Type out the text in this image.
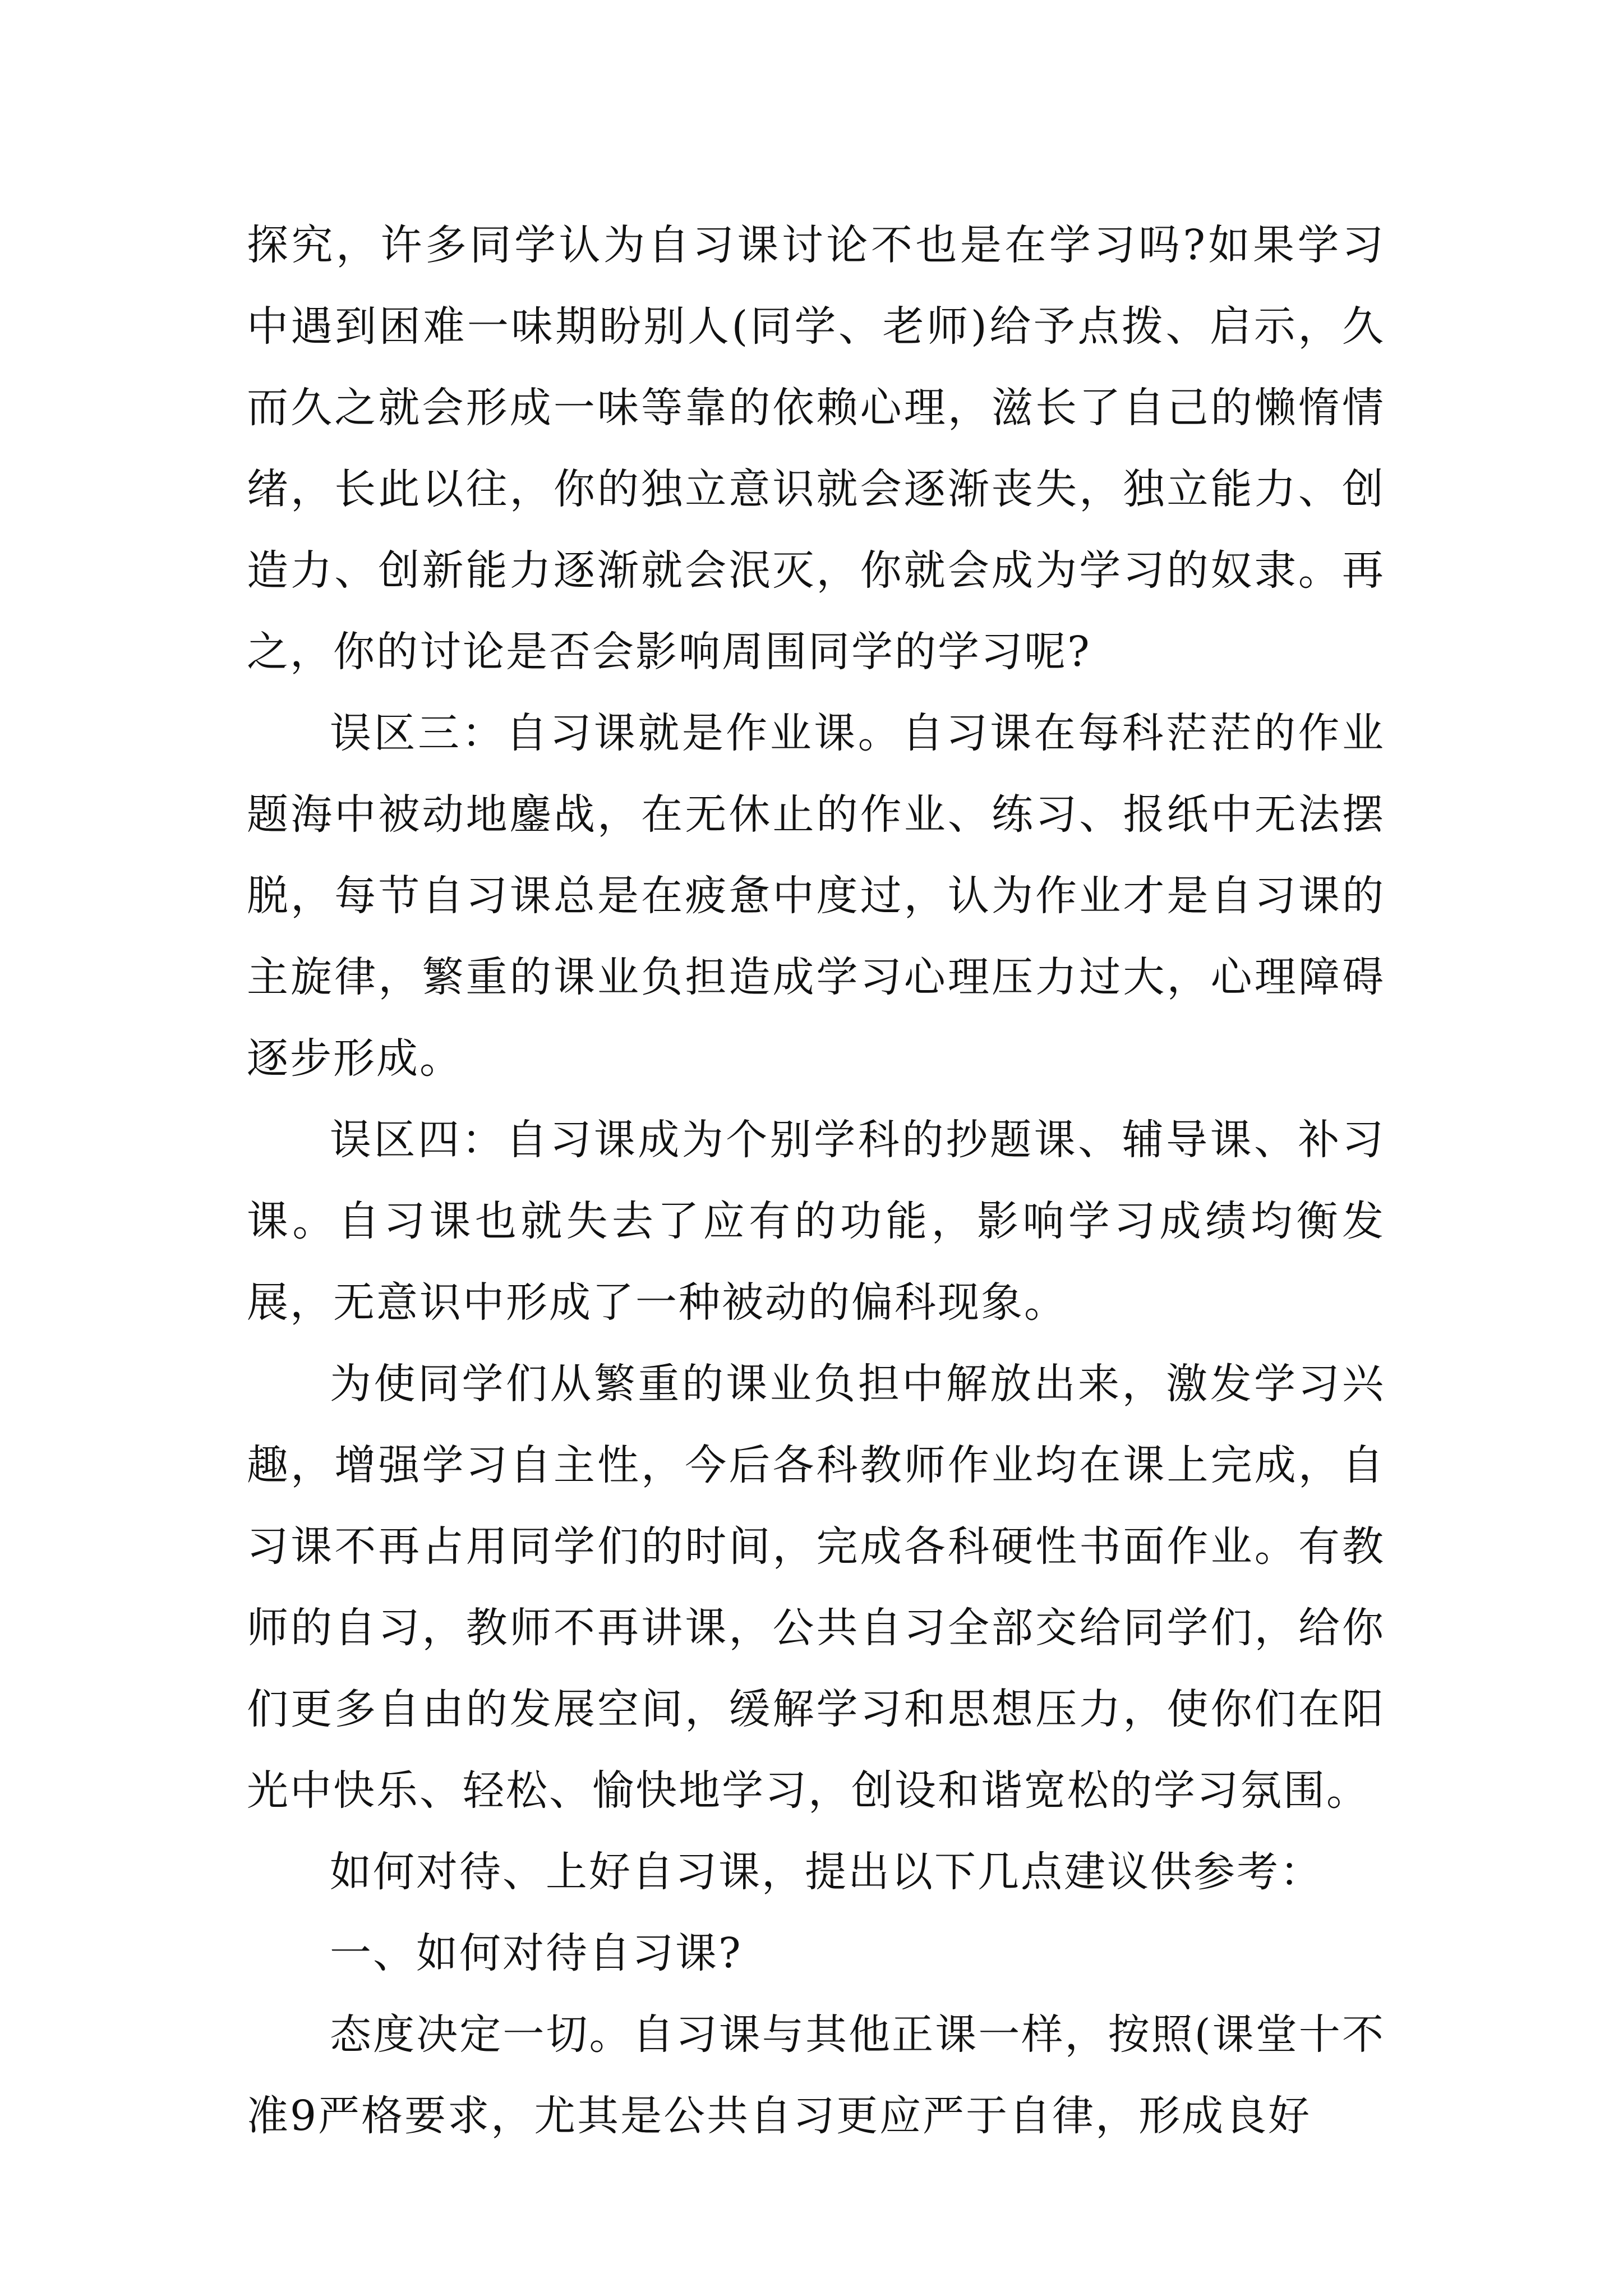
探究，许多同学认为自习课讨论不也是在学习吗?如果学习中遇到困难一味期盼别人(同学、老师)给予点拨、启示，久而久之就会形成一味等靠的依赖心理，滋长了自己的懒惰情绪，长此以往，你的独立意识就会逐渐丧失，独立能力、创造力、创新能力逐渐就会泯灭，你就会成为学习的奴隶。再之，你的讨论是否会影响周围同学的学习呢?

误区三：自习课就是作业课。自习课在每科茫茫的作业题海中被动地鏖战，在无休止的作业、练习、报纸中无法摆脱，每节自习课总是在疲惫中度过，认为作业才是自习课的主旋律，繁重的课业负担造成学习心理压力过大，心理障碍逐步形成。

误区四：自习课成为个别学科的抄题课、辅导课、补习课。自习课也就失去了应有的功能，影响学习成绩均衡发展，无意识中形成了一种被动的偏科现象。

为使同学们从繁重的课业负担中解放出来，激发学习兴趣，增强学习自主性，今后各科教师作业均在课上完成，自习课不再占用同学们的时间，完成各科硬性书面作业。有教师的自习，教师不再讲课，公共自习全部交给同学们，给你们更多自由的发展空间，缓解学习和思想压力，使你们在阳光中快乐、轻松、愉快地学习，创设和谐宽松的学习氛围。

如何对待、上好自习课，提出以下几点建议供参考：

一、如何对待自习课?

态度决定一切。自习课与其他正课一样，按照(课堂十不准9严格要求，尤其是公共自习更应严于自律，形成良好
